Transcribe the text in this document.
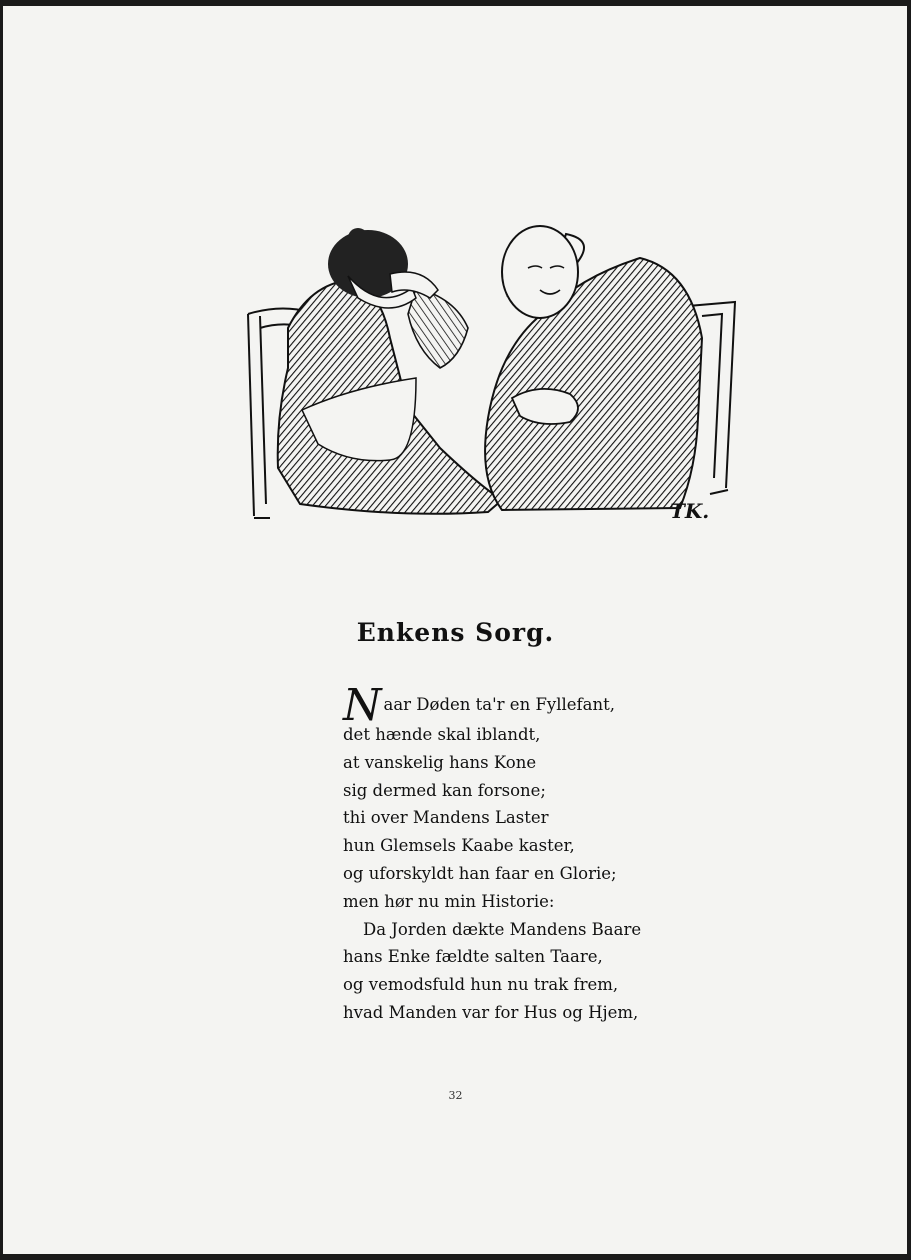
TK.
Enkens Sorg.
Naar Døden ta'r en Fyllefant,
det hænde skal iblandt,
at vanskelig hans Kone
sig dermed kan forsone;
thi over Mandens Laster
hun Glemsels Kaabe kaster,
og uforskyldt han faar en Glorie;
men hør nu min Historie:
Da Jorden dækte Mandens Baare
hans Enke fældte salten Taare,
og vemodsfuld hun nu trak frem,
hvad Manden var for Hus og Hjem,
32
